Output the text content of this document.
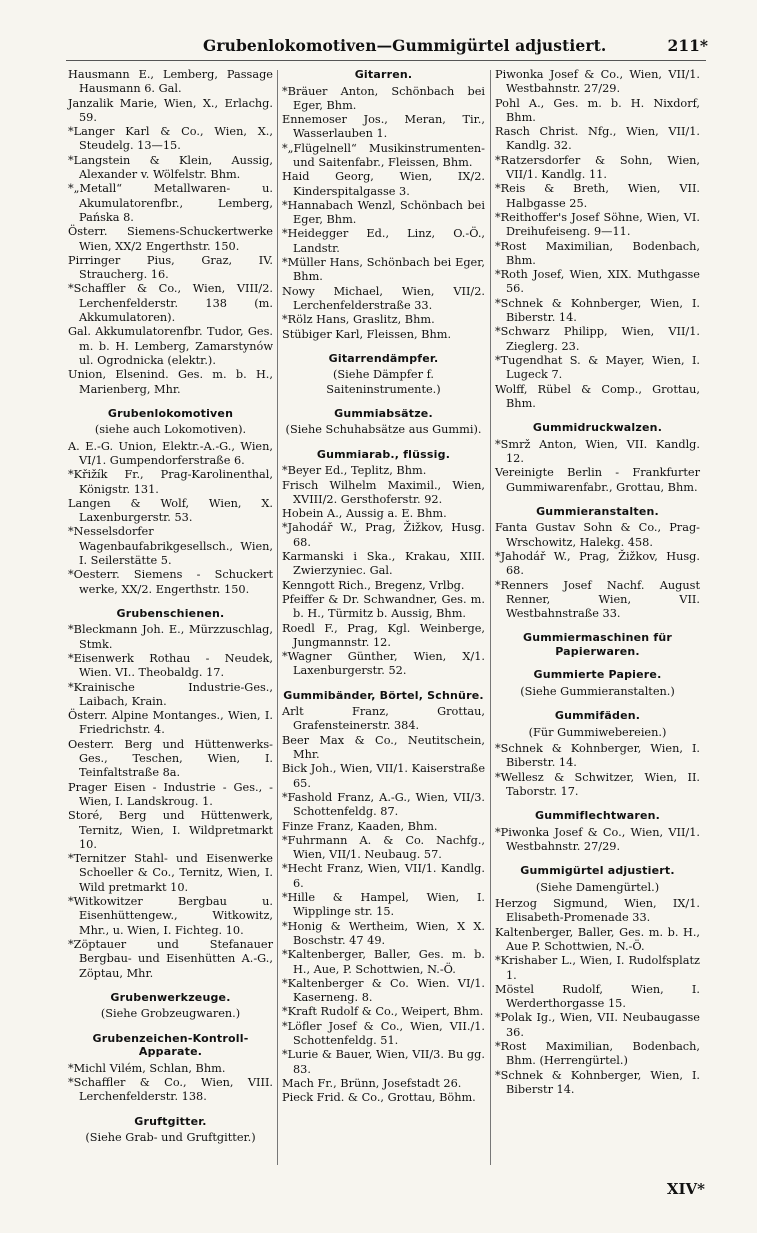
Grubenlokomotiven—Gummigürtel adjustiert.	211*
Hausmann E., Lemberg, Passage Hausmann 6. Gal.
Janzalik Marie, Wien, X., Erlachg. 59.
*Langer Karl & Co., Wien, X., Steudelg. 13—15.
*Langstein & Klein, Aussig, Alexander v. Wölfelstr. Bhm.
*„Metall“ Metallwaren- u. Akumulatorenfbr., Lemberg, Pańska 8.
Österr. Siemens-Schuckertwerke Wien, XX/2 Engerthstr. 150.
Pirringer Pius, Graz, IV. Straucherg. 16.
*Schaffler & Co., Wien, VIII/2. Lerchenfelderstr. 138 (m. Akkumulatoren).
Gal. Akkumulatorenfbr. Tudor, Ges. m. b. H. Lemberg, Zamarstynów ul. Ogrodnicka (elektr.).
Union, Elsenind. Ges. m. b. H., Marienberg, Mhr.
Grubenlokomotiven
(siehe auch Lokomotiven).
A. E.-G. Union, Elektr.-A.-G., Wien, VI/1. Gumpendorferstraße 6.
*Křižík Fr., Prag-Karolinenthal, Königstr. 131.
Langen & Wolf, Wien, X. Laxenburgerstr. 53.
*Nesselsdorfer Wagenbaufabrikgesellsch., Wien, I. Seilerstätte 5.
*Oesterr. Siemens - Schuckert werke, XX/2. Engerthstr. 150.
Grubenschienen.
*Bleckmann Joh. E., Mürzzuschlag, Stmk.
*Eisenwerk Rothau - Neudek, Wien. VI.. Theobaldg. 17.
*Krainische Industrie-Ges., Laibach, Krain.
Österr. Alpine Montanges., Wien, I. Friedrichstr. 4.
Oesterr. Berg und Hüttenwerks-Ges., Teschen, Wien, I. Teinfaltstraße 8a.
Prager Eisen - Industrie - Ges., -Wien, I. Landskroug. 1.
Storé, Berg und Hüttenwerk, Ternitz, Wien, I. Wildpretmarkt 10.
*Ternitzer Stahl- und Eisenwerke Schoeller & Co., Ternitz, Wien, I. Wild pretmarkt 10.
*Witkowitzer Bergbau u. Eisenhüttengew., Witkowitz, Mhr., u. Wien, I. Fichteg. 10.
*Zöptauer und Stefanauer Bergbau- und Eisenhütten A.-G., Zöptau, Mhr.
Grubenwerkzeuge.
(Siehe Grobzeugwaren.)
Grubenzeichen-Kontroll-Apparate.
*Michl Vilém, Schlan, Bhm.
*Schaffler & Co., Wien, VIII. Lerchenfelderstr. 138.
Gruftgitter.
(Siehe Grab- und Gruftgitter.)
Gitarren.
*Bräuer Anton, Schönbach bei Eger, Bhm.
Ennemoser Jos., Meran, Tir., Wasserlauben 1.
*„Flügelnell“ Musikinstrumenten- und Saitenfabr., Fleissen, Bhm.
Haid Georg, Wien, IX/2. Kinderspitalgasse 3.
*Hannabach Wenzl, Schönbach bei Eger, Bhm.
*Heidegger Ed., Linz, O.-Ö., Landstr.
*Müller Hans, Schönbach bei Eger, Bhm.
Nowy Michael, Wien, VII/2. Lerchenfelderstraße 33.
*Rölz Hans, Graslitz, Bhm.
Stübiger Karl, Fleissen, Bhm.
Gitarrendämpfer.
(Siehe Dämpfer f. Saiteninstrumente.)
Gummiabsätze.
(Siehe Schuhabsätze aus Gummi).
Gummiarab., flüssig.
*Beyer Ed., Teplitz, Bhm.
Frisch Wilhelm Maximil., Wien, XVIII/2. Gersthoferstr. 92.
Hobein A., Aussig a. E. Bhm.
*Jahodář W., Prag, Žižkov, Husg. 68.
Karmanski i Ska., Krakau, XIII. Zwierzyniec. Gal.
Kenngott Rich., Bregenz, Vrlbg.
Pfeiffer & Dr. Schwandner, Ges. m. b. H., Türmitz b. Aussig, Bhm.
Roedl F., Prag, Kgl. Weinberge, Jungmannstr. 12.
*Wagner Günther, Wien, X/1. Laxenburgerstr. 52.
Gummibänder, Börtel, Schnüre.
Arlt Franz, Grottau, Grafensteinerstr. 384.
Beer Max & Co., Neutitschein, Mhr.
Bick Joh., Wien, VII/1. Kaiserstraße 65.
*Fashold Franz, A.-G., Wien, VII/3. Schottenfeldg. 87.
Finze Franz, Kaaden, Bhm.
*Fuhrmann A. & Co. Nachfg., Wien, VII/1. Neubaug. 57.
*Hecht Franz, Wien, VII/1. Kandlg. 6.
*Hille & Hampel, Wien, I. Wipplinge str. 15.
*Honig & Wertheim, Wien, X X. Boschstr. 47 49.
*Kaltenberger, Baller, Ges. m. b. H., Aue, P. Schottwien, N.-Ö.
*Kaltenberger & Co. Wien. VI/1. Kasernenɡ. 8.
*Kraft Rudolf & Co., Weipert, Bhm.
*Löfler Josef & Co., Wien, VII./1. Schottenfeldg. 51.
*Lurie & Bauer, Wien, VII/3. Bu gg. 83.
Mach Fr., Brünn, Josefstadt 26.
Pieck Frid. & Co., Grottau, Böhm.
Piwonka Josef & Co., Wien, VII/1. Westbahnstr. 27/29.
Pohl A., Ges. m. b. H. Nixdorf, Bhm.
Rasch Christ. Nfg., Wien, VII/1. Kandlg. 32.
*Ratzersdorfer & Sohn, Wien, VII/1. Kandlg. 11.
*Reis & Breth, Wien, VII. Halbgasse 25.
*Reithoffer's Josef Söhne, Wien, VI. Dreihufeiseng. 9—11.
*Rost Maximilian, Bodenbach, Bhm.
*Roth Josef, Wien, XIX. Muthgasse 56.
*Schnek & Kohnberger, Wien, I. Biberstr. 14.
*Schwarz Philipp, Wien, VII/1. Zieglerg. 23.
*Tugendhat S. & Mayer, Wien, I. Lugeck 7.
Wolff, Rübel & Comp., Grottau, Bhm.
Gummidruckwalzen.
*Smrž Anton, Wien, VII. Kandlg. 12.
Vereinigte Berlin - Frankfurter Gummiwarenfabr., Grottau, Bhm.
Gummieranstalten.
Fanta Gustav Sohn & Co., Prag-Wrschowitz, Halekg. 458.
*Jahodář W., Prag, Žižkov, Husg. 68.
*Renners Josef Nachf. August Renner, Wien, VII. Westbahnstraße 33.
Gummiermaschinen für Papierwaren.
Gummierte Papiere.
(Siehe Gummieranstalten.)
Gummifäden.
(Für Gummiwebereien.)
*Schnek & Kohnberger, Wien, I. Biberstr. 14.
*Wellesz & Schwitzer, Wien, II. Taborstr. 17.
Gummiflechtwaren.
*Piwonka Josef & Co., Wien, VII/1. Westbahnstr. 27/29.
Gummigürtel adjustiert.
(Siehe Damengürtel.)
Herzog Sigmund, Wien, IX/1. Elisabeth-Promenade 33.
Kaltenberger, Baller, Ges. m. b. H., Aue P. Schottwien, N.-Ö.
*Krishaber L., Wien, I. Rudolfsplatz 1.
Möstel Rudolf, Wien, I. Werderthorgasse 15.
*Polak Ig., Wien, VII. Neubaugasse 36.
*Rost Maximilian, Bodenbach, Bhm. (Herrengürtel.)
*Schnek & Kohnberger, Wien, I. Biberstr 14.
XIV*
